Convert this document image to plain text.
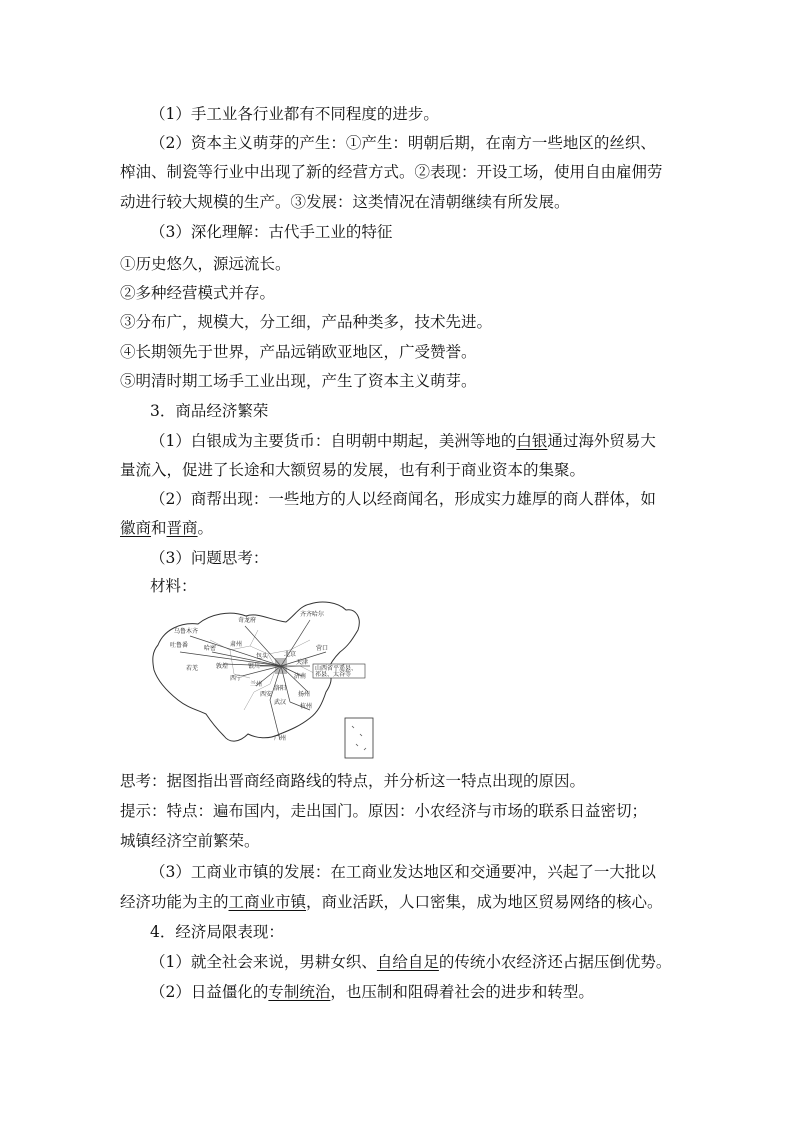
（1）手工业各行业都有不同程度的进步。
（2）资本主义萌芽的产生：①产生：明朝后期，在南方一些地区的丝织、
榨油、制瓷等行业中出现了新的经营方式。②表现：开设工场，使用自由雇佣劳
动进行较大规模的生产。③发展：这类情况在清朝继续有所发展。
（3）深化理解：古代手工业的特征
①历史悠久，源远流长。
②多种经营模式并存。
③分布广，规模大，分工细，产品种类多，技术先进。
④长期领先于世界，产品远销欧亚地区，广受赞誉。
⑤明清时期工场手工业出现，产生了资本主义萌芽。
3．商品经济繁荣
（1）白银成为主要货币：自明朝中期起，美洲等地的白银通过海外贸易大
量流入，促进了长途和大额贸易的发展，也有利于商业资本的集聚。
（2）商帮出现：一些地方的人以经商闻名，形成实力雄厚的商人群体，如
徽商和晋商。
（3）问题思考：
材料：
山西省平遥县、
祁县、太谷等
乌鲁木齐
吐鲁番	哈密
肃州
若羌	敦煌
西宁
包头
银川
兰州
西安
洛阳
武汉
扬州
杭州
广州
北京
天津
济南
齐齐哈尔
营口
奇龙府
思考：据图指出晋商经商路线的特点，并分析这一特点出现的原因。
提示：特点：遍布国内，走出国门。原因：小农经济与市场的联系日益密切；
城镇经济空前繁荣。
（3）工商业市镇的发展：在工商业发达地区和交通要冲，兴起了一大批以
经济功能为主的工商业市镇，商业活跃，人口密集，成为地区贸易网络的核心。
4．经济局限表现：
（1）就全社会来说，男耕女织、自给自足的传统小农经济还占据压倒优势。
（2）日益僵化的专制统治，也压制和阻碍着社会的进步和转型。
